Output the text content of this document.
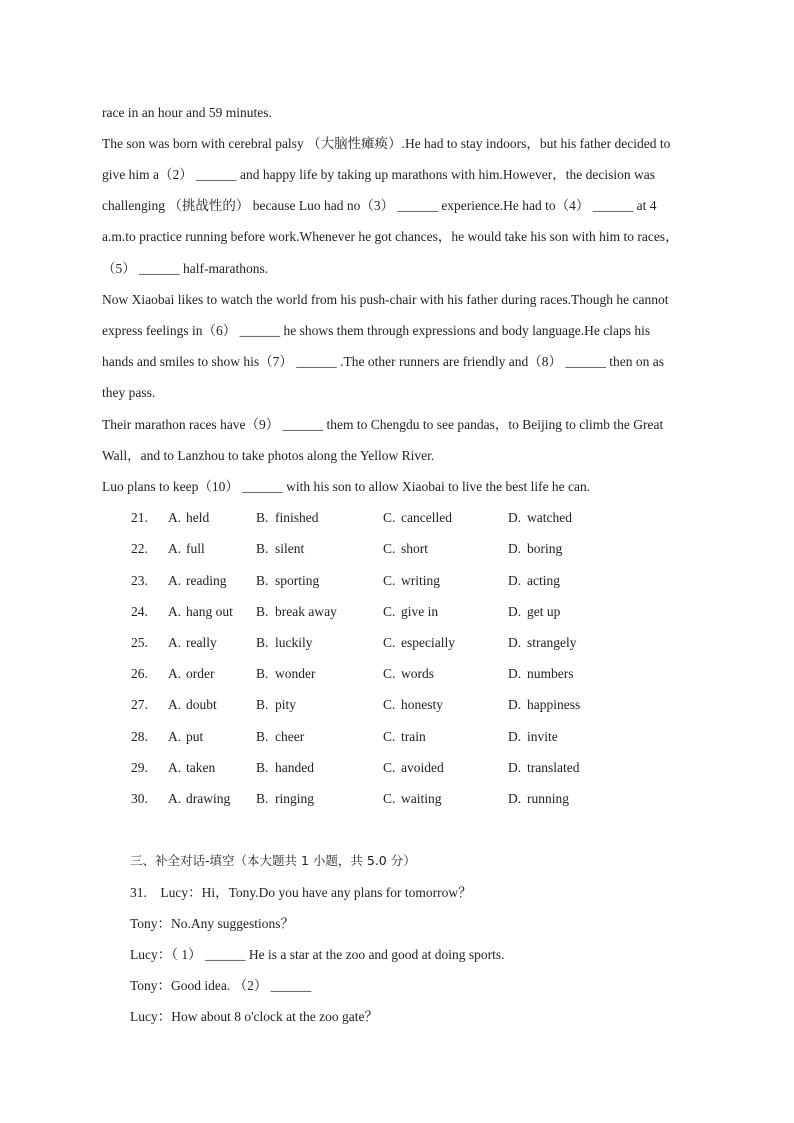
race in an hour and 59 minutes.
The son was born with cerebral palsy （大脑性瘫痪）.He had to stay indoors，but his father decided to
give him a（2） ______ and happy life by taking up marathons with him.However，the decision was
challenging （挑战性的） because Luo had no（3） ______ experience.He had to（4） ______ at 4
a.m.to practice running before work.Whenever he got chances，he would take his son with him to races，
（5） ______ half-marathons.
Now Xiaobai likes to watch the world from his push-chair with his father during races.Though he cannot
express feelings in（6） ______ he shows them through expressions and body language.He claps his
hands and smiles to show his（7） ______ .The other runners are friendly and（8） ______ then on as
they pass.
Their marathon races have（9） ______ them to Chengdu to see pandas，to Beijing to climb the Great
Wall，and to Lanzhou to take photos along the Yellow River.
Luo plans to keep（10） ______ with his son to allow Xiaobai to live the best life he can.
21. A. held	B. finished	C. cancelled	D. watched
22. A. full	B. silent	C. short	D. boring
23. A. reading B. sporting	C. writing	D. acting
24. A. hang out B. break away	C. give in	D. get up
25. A. really	B. luckily	C. especially	D. strangely
26. A. order	B. wonder	C. words	D. numbers
27. A. doubt	B. pity	C. honesty	D. happiness
28. A. put	B. cheer	C. train	D. invite
29. A. taken	B. handed	C. avoided	D. translated
30. A. drawing B. ringing	C. waiting	D. running
三、补全对话-填空（本大题共 1 小题，共 5.0 分）
31.　Lucy：Hi，Tony.Do you have any plans for tomorrow？
Tony：No.Any suggestions？
Lucy：（ 1） ______ He is a star at the zoo and good at doing sports.
Tony：Good idea. （2） ______
Lucy：How about 8 o'clock at the zoo gate？
